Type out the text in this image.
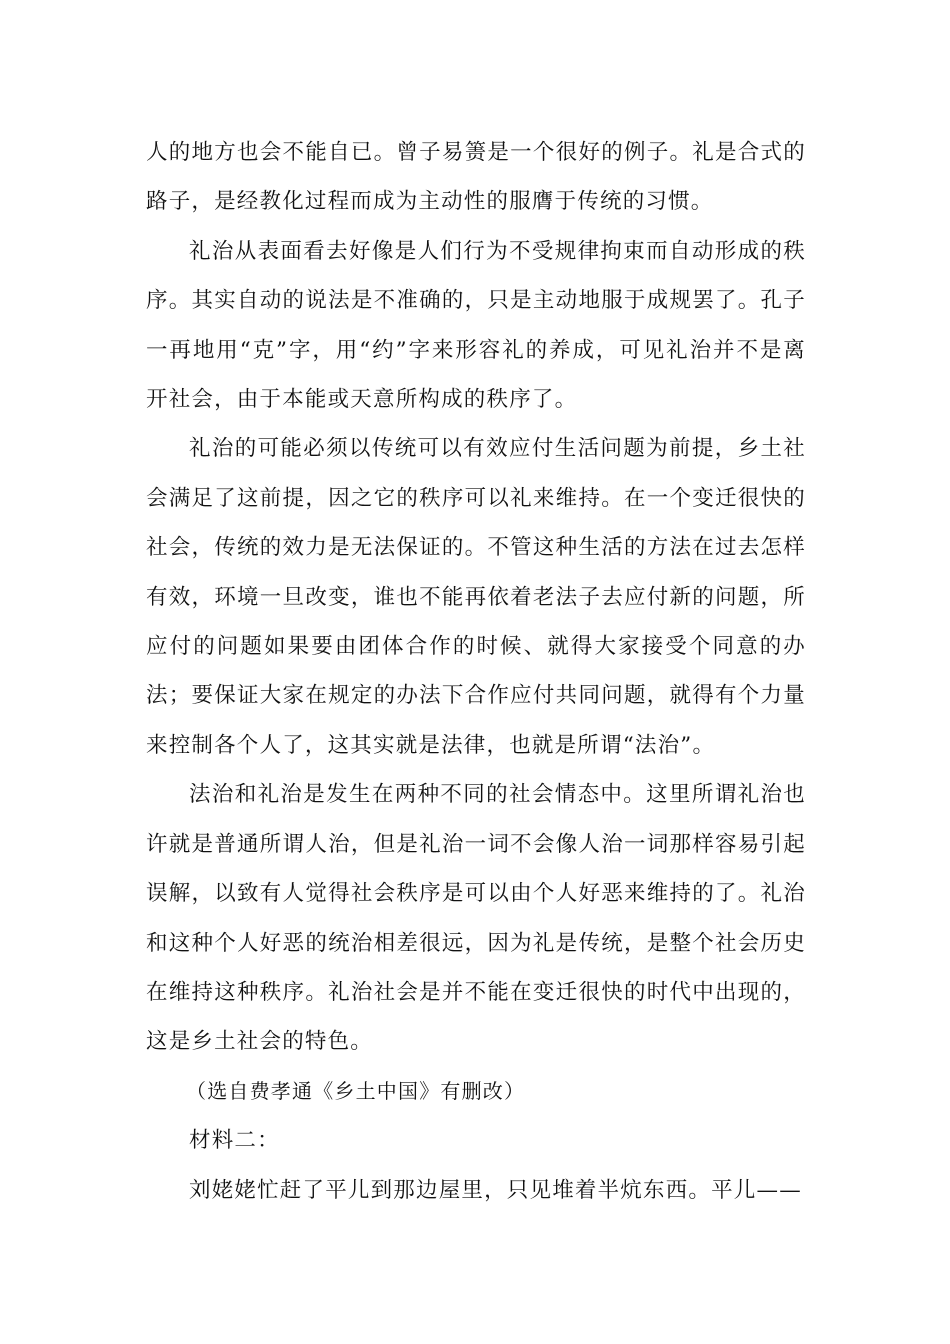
人的地方也会不能自已。曾子易箦是一个很好的例子。礼是合式的路子，是经教化过程而成为主动性的服膺于传统的习惯。

礼治从表面看去好像是人们行为不受规律拘束而自动形成的秩序。其实自动的说法是不准确的，只是主动地服于成规罢了。孔子一再地用“克”字，用“约”字来形容礼的养成，可见礼治并不是离开社会，由于本能或天意所构成的秩序了。

礼治的可能必须以传统可以有效应付生活问题为前提，乡土社会满足了这前提，因之它的秩序可以礼来维持。在一个变迁很快的社会，传统的效力是无法保证的。不管这种生活的方法在过去怎样有效，环境一旦改变，谁也不能再依着老法子去应付新的问题，所应付的问题如果要由团体合作的时候、就得大家接受个同意的办法；要保证大家在规定的办法下合作应付共同问题，就得有个力量来控制各个人了，这其实就是法律，也就是所谓“法治”。

法治和礼治是发生在两种不同的社会情态中。这里所谓礼治也许就是普通所谓人治，但是礼治一词不会像人治一词那样容易引起误解，以致有人觉得社会秩序是可以由个人好恶来维持的了。礼治和这种个人好恶的统治相差很远，因为礼是传统，是整个社会历史在维持这种秩序。礼治社会是并不能在变迁很快的时代中出现的，这是乡土社会的特色。

（选自费孝通《乡土中国》有删改）

材料二：

刘姥姥忙赶了平儿到那边屋里，只见堆着半炕东西。平儿——
